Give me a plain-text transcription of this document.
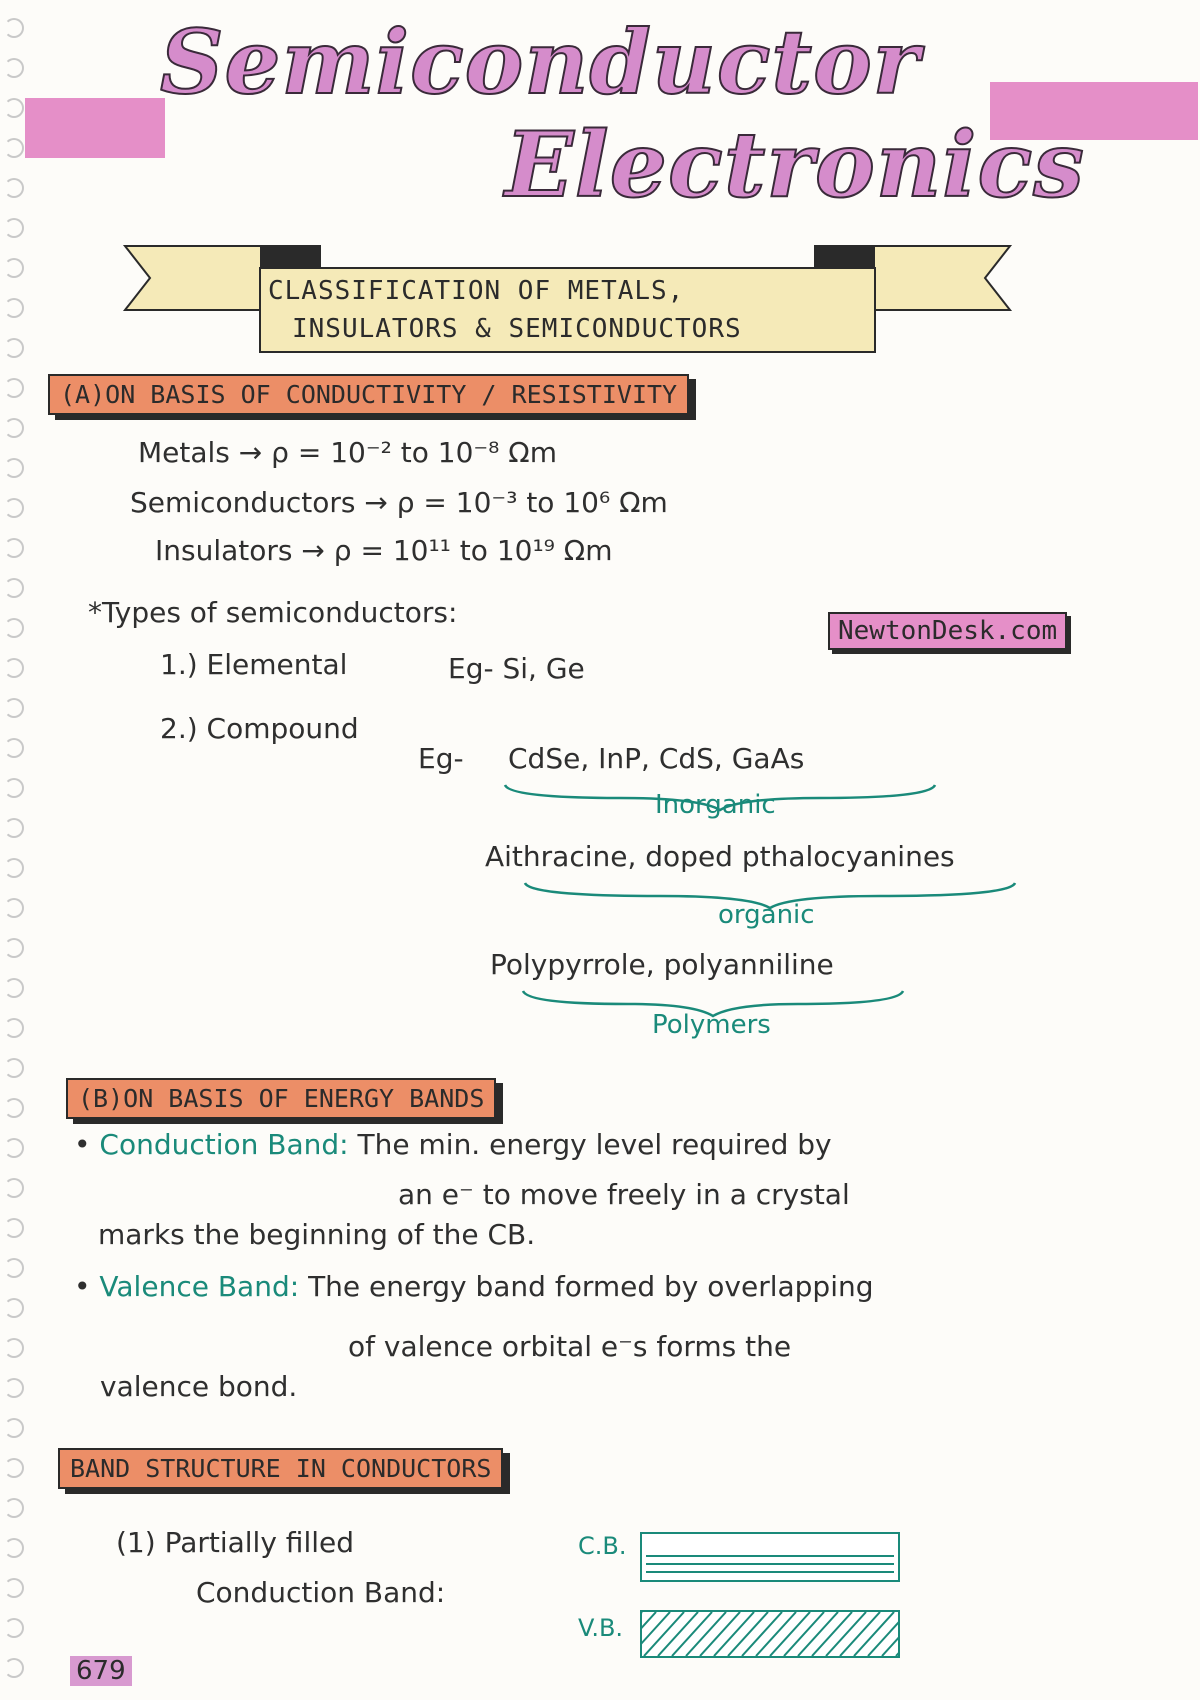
Semiconductor
Electronics
CLASSIFICATION OF METALS,
INSULATORS & SEMICONDUCTORS
(A)ON BASIS OF CONDUCTIVITY / RESISTIVITY
Metals → ρ = 10⁻² to 10⁻⁸ Ωm
Semiconductors → ρ = 10⁻³ to 10⁶ Ωm
Insulators → ρ = 10¹¹ to 10¹⁹ Ωm
*Types of semiconductors:
NewtonDesk.com
1.) Elemental	Eg- Si, Ge
2.) Compound
Eg- CdSe, InP, CdS, GaAs
Inorganic
Aithracine, doped pthalocyanines
organic
Polypyrrole, polyanniline
Polymers
(B)ON BASIS OF ENERGY BANDS
• Conduction Band: The min. energy level required by
an e⁻ to move freely in a crystal
marks the beginning of the CB.
• Valence Band: The energy band formed by overlapping
of valence orbital e⁻s forms the
valence bond.
BAND STRUCTURE IN CONDUCTORS
(1) Partially filled
Conduction Band:
C.B.
V.B.
679
